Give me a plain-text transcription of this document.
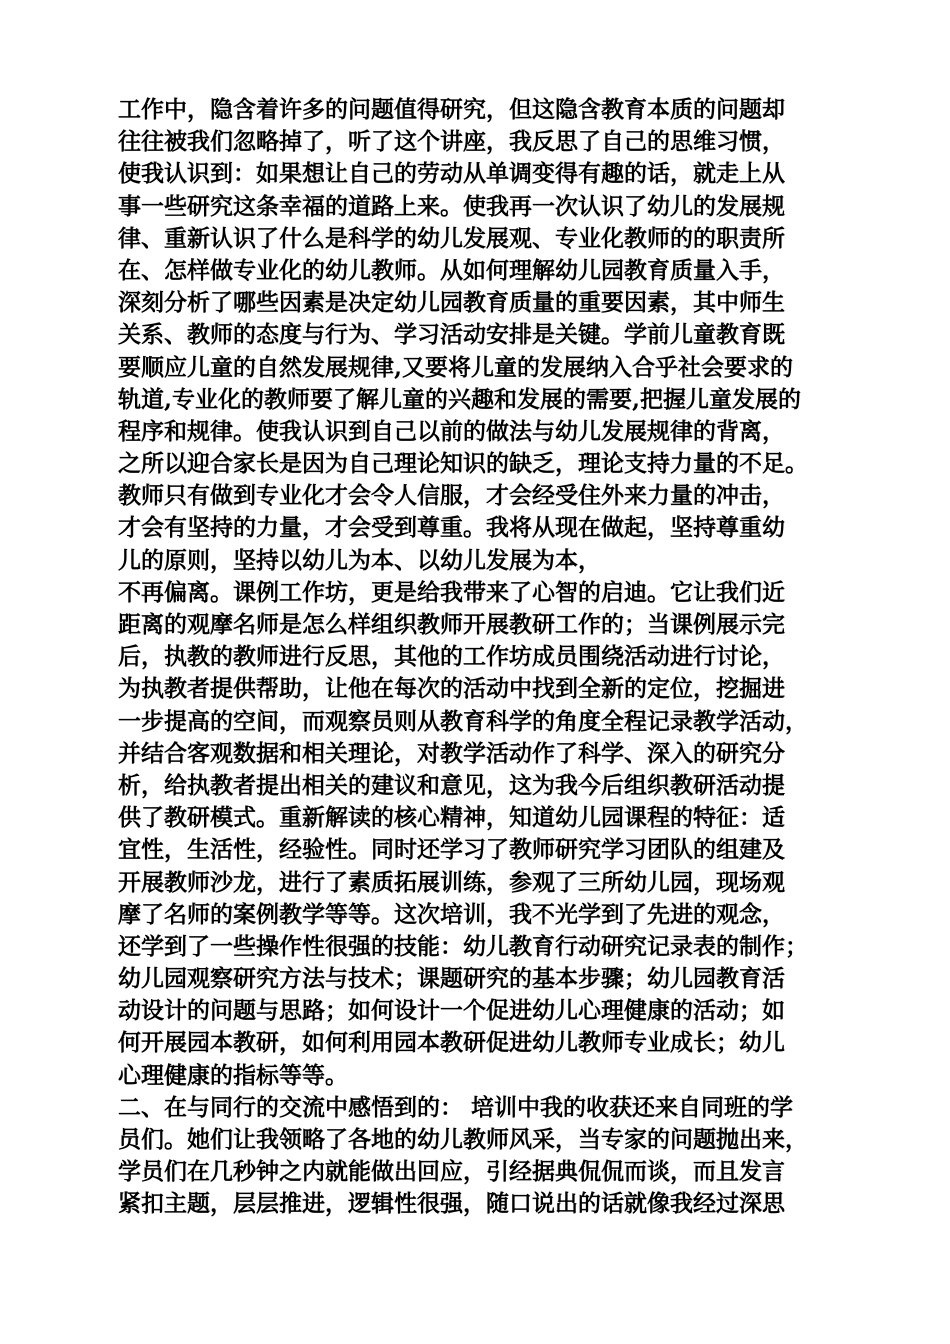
工作中，隐含着许多的问题值得研究，但这隐含教育本质的问题却
往往被我们忽略掉了，听了这个讲座，我反思了自己的思维习惯，
使我认识到：如果想让自己的劳动从单调变得有趣的话，就走上从
事一些研究这条幸福的道路上来。使我再一次认识了幼儿的发展规
律、重新认识了什么是科学的幼儿发展观、专业化教师的的职责所
在、怎样做专业化的幼儿教师。从如何理解幼儿园教育质量入手，
深刻分析了哪些因素是决定幼儿园教育质量的重要因素，其中师生
关系、教师的态度与行为、学习活动安排是关键。学前儿童教育既
要顺应儿童的自然发展规律,又要将儿童的发展纳入合乎社会要求的
轨道,专业化的教师要了解儿童的兴趣和发展的需要,把握儿童发展的
程序和规律。使我认识到自己以前的做法与幼儿发展规律的背离，
之所以迎合家长是因为自己理论知识的缺乏，理论支持力量的不足。
教师只有做到专业化才会令人信服，才会经受住外来力量的冲击，
才会有坚持的力量，才会受到尊重。我将从现在做起，坚持尊重幼
儿的原则，坚持以幼儿为本、以幼儿发展为本，
不再偏离。课例工作坊，更是给我带来了心智的启迪。它让我们近
距离的观摩名师是怎么样组织教师开展教研工作的；当课例展示完
后，执教的教师进行反思，其他的工作坊成员围绕活动进行讨论，
为执教者提供帮助，让他在每次的活动中找到全新的定位，挖掘进
一步提高的空间，而观察员则从教育科学的角度全程记录教学活动，
并结合客观数据和相关理论，对教学活动作了科学、深入的研究分
析，给执教者提出相关的建议和意见，这为我今后组织教研活动提
供了教研模式。重新解读的核心精神，知道幼儿园课程的特征：适
宜性，生活性，经验性。同时还学习了教师研究学习团队的组建及
开展教师沙龙，进行了素质拓展训练，参观了三所幼儿园，现场观
摩了名师的案例教学等等。这次培训，我不光学到了先进的观念，
还学到了一些操作性很强的技能：幼儿教育行动研究记录表的制作；
幼儿园观察研究方法与技术；课题研究的基本步骤；幼儿园教育活
动设计的问题与思路；如何设计一个促进幼儿心理健康的活动；如
何开展园本教研，如何利用园本教研促进幼儿教师专业成长；幼儿
心理健康的指标等等。
二、在与同行的交流中感悟到的： 培训中我的收获还来自同班的学
员们。她们让我领略了各地的幼儿教师风采，当专家的问题抛出来，
学员们在几秒钟之内就能做出回应，引经据典侃侃而谈，而且发言
紧扣主题，层层推进，逻辑性很强，随口说出的话就像我经过深思
